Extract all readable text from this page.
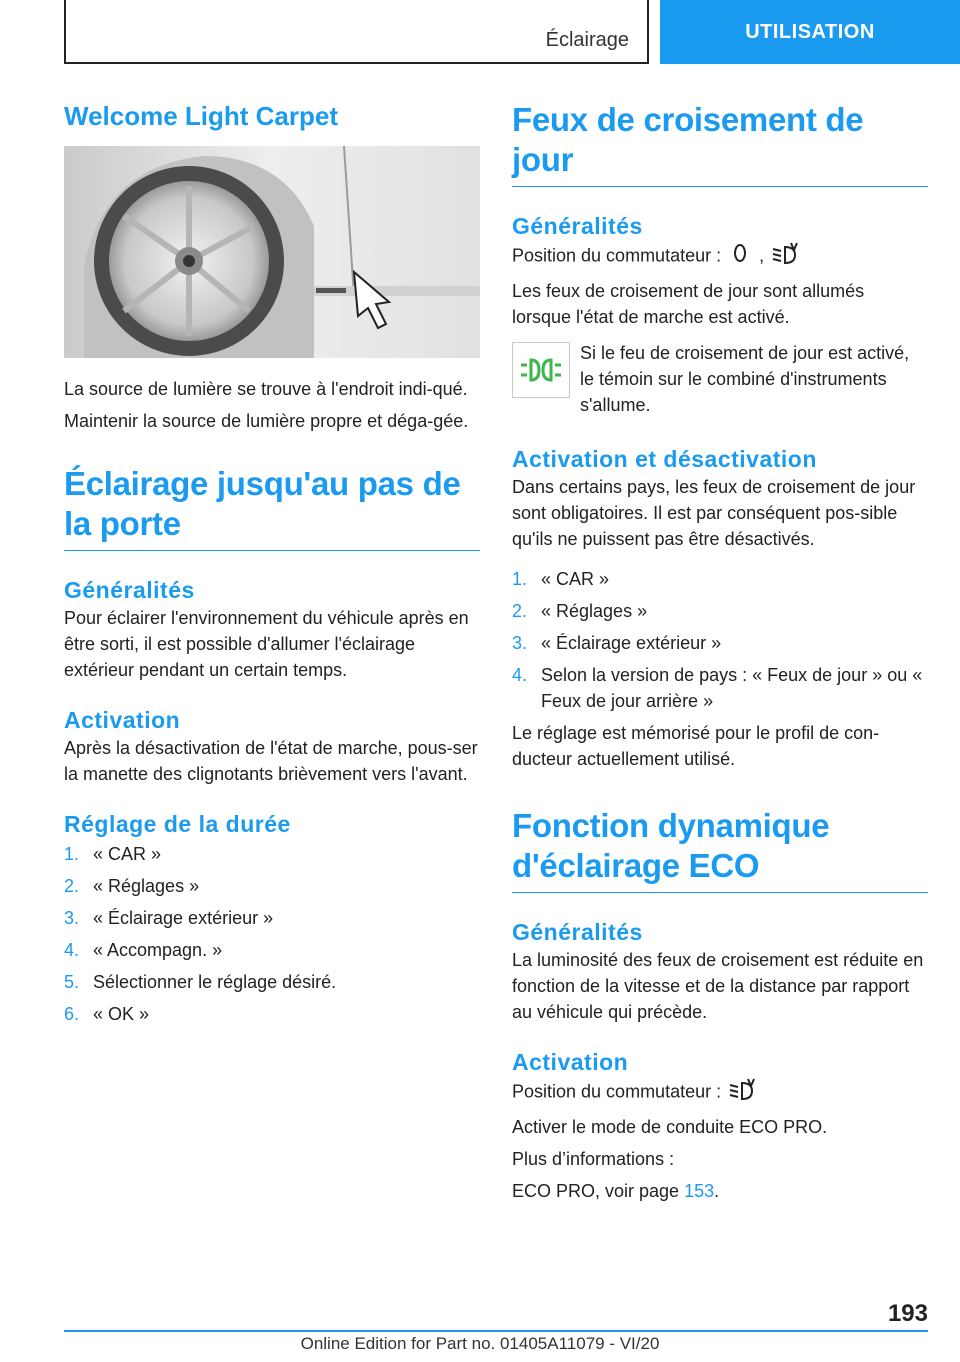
Éclairage	UTILISATION
Welcome Light Carpet

La source de lumière se trouve à l'endroit indi-qué.

Maintenir la source de lumière propre et déga-gée.

Éclairage jusqu'au pas de la porte
Généralités

Pour éclairer l'environnement du véhicule après en être sorti, il est possible d'allumer l'éclairage extérieur pendant un certain temps.

Activation

Après la désactivation de l'état de marche, pous-ser la manette des clignotants brièvement vers l'avant.

Réglage de la durée
1. « CAR »
2. « Réglages »
3. « Éclairage extérieur »
4. « Accompagn. »
5. Sélectionner le réglage désiré.
6. « OK »
Feux de croisement de jour
Généralités

Position du commutateur : ,

Les feux de croisement de jour sont allumés lorsque l'état de marche est activé.

Si le feu de croisement de jour est activé, le témoin sur le combiné d'instruments s'allume.

Activation et désactivation

Dans certains pays, les feux de croisement de jour sont obligatoires. Il est par conséquent pos-sible qu'ils ne puissent pas être désactivés.

1. « CAR »
2. « Réglages »
3. « Éclairage extérieur »
4. Selon la version de pays : « Feux de jour » ou « Feux de jour arrière »

Le réglage est mémorisé pour le profil de con-ducteur actuellement utilisé.

Fonction dynamique d'éclairage ECO
Généralités

La luminosité des feux de croisement est réduite en fonction de la vitesse et de la distance par rapport au véhicule qui précède.

Activation

Position du commutateur :

Activer le mode de conduite ECO PRO.

Plus d’informations :

ECO PRO, voir page 153.

193
Online Edition for Part no. 01405A11079 - VI/20
